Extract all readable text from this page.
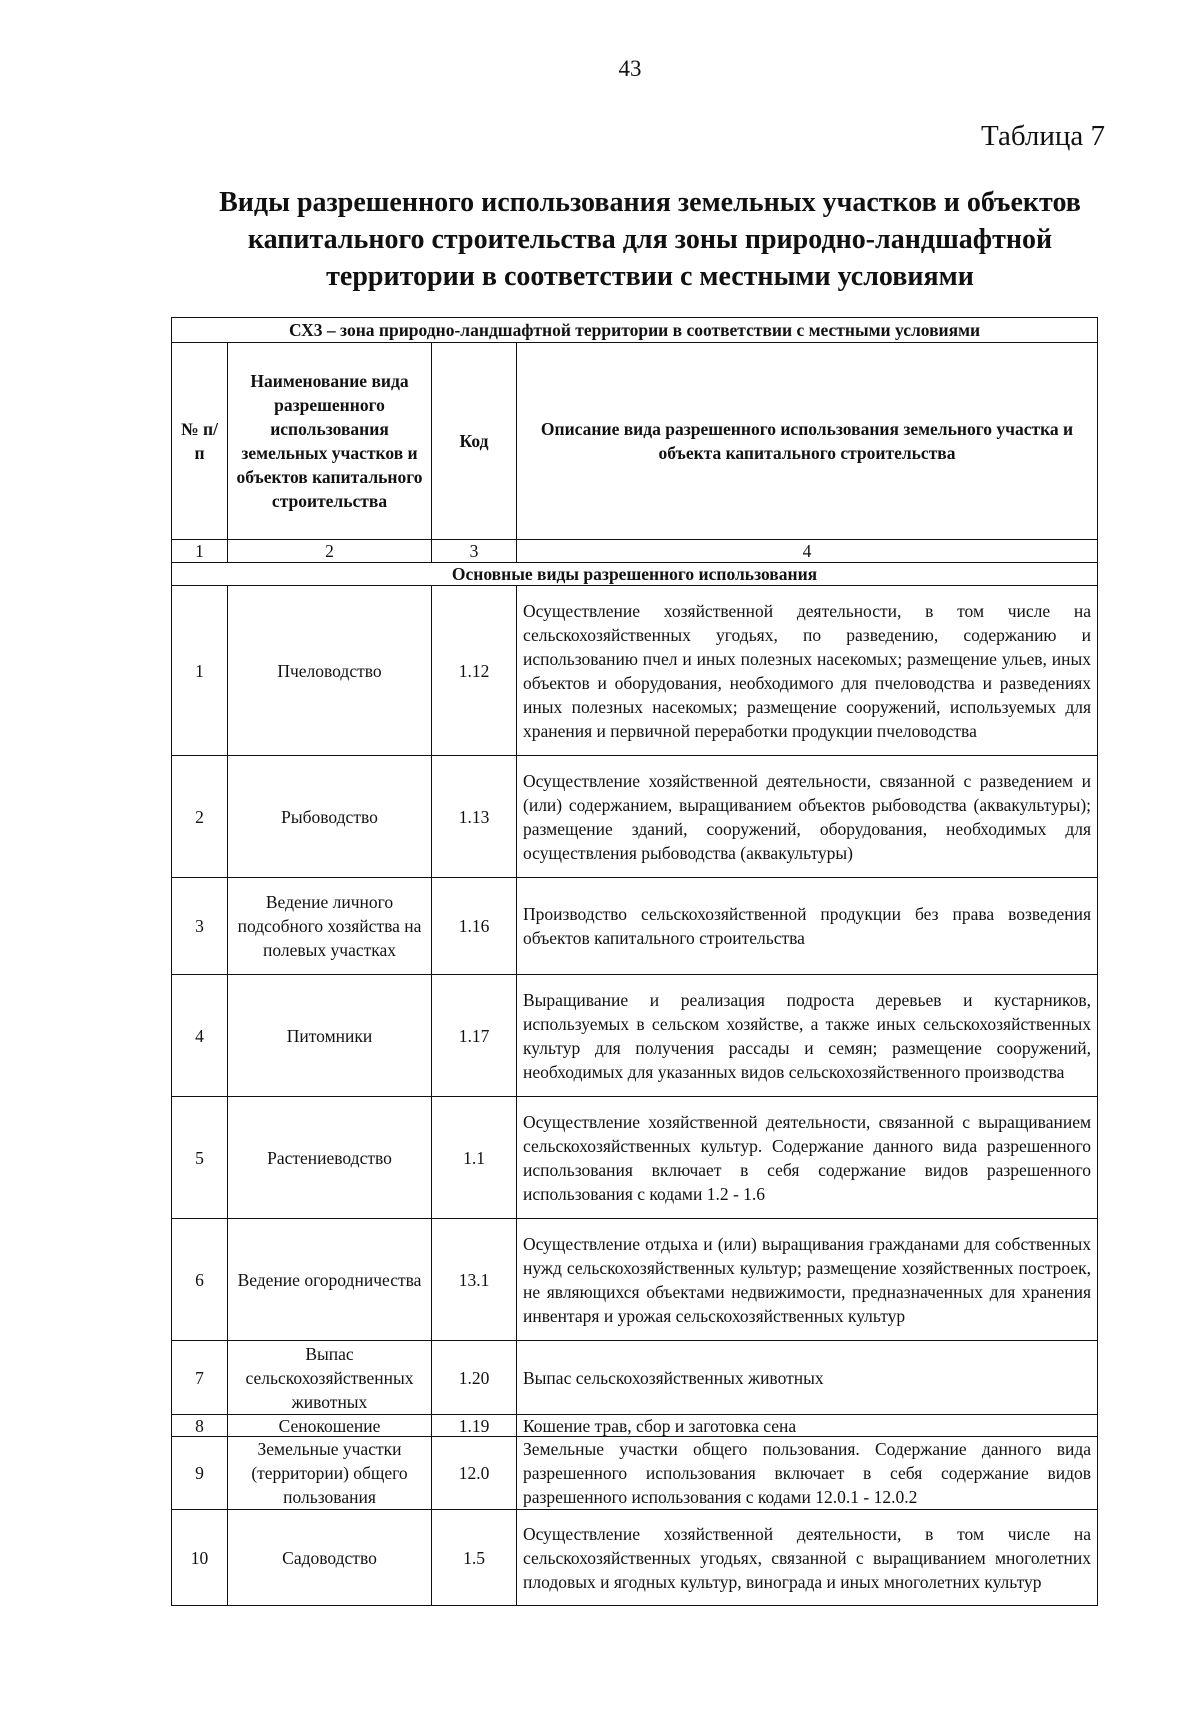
43
Таблица 7
Виды разрешенного использования земельных участков и объектов
капитального строительства для зоны природно-ландшафтной
территории в соответствии с местными условиями
СХ3 – зона природно-ландшафтной территории в соответствии с местными условиями			
№ п/п	Наименование вида разрешенного использования земельных участков и объектов капитального строительства	Код	Описание вида разрешенного использования земельного участка и объекта капитального строительства
1	2	3	4
Основные виды разрешенного использования			
1	Пчеловодство	1.12	Осуществление хозяйственной деятельности, в том числе на сельскохозяйственных угодьях, по разведению, содержанию и использованию пчел и иных полезных насекомых; размещение ульев, иных объектов и оборудования, необходимого для пчеловодства и разведениях иных полезных насекомых; размещение сооружений, используемых для хранения и первичной переработки продукции пчеловодства
2	Рыбоводство	1.13	Осуществление хозяйственной деятельности, связанной с разведением и (или) содержанием, выращиванием объектов рыбоводства (аквакультуры); размещение зданий, сооружений, оборудования, необходимых для осуществления рыбоводства (аквакультуры)
3	Ведение личного подсобного хозяйства на полевых участках	1.16	Производство сельскохозяйственной продукции без права возведения объектов капитального строительства
4	Питомники	1.17	Выращивание и реализация подроста деревьев и кустарников, используемых в сельском хозяйстве, а также иных сельскохозяйственных культур для получения рассады и семян; размещение сооружений, необходимых для указанных видов сельскохозяйственного производства
5	Растениеводство	1.1	Осуществление хозяйственной деятельности, связанной с выращиванием сельскохозяйственных культур. Содержание данного вида разрешенного использования включает в себя содержание видов разрешенного использования с кодами 1.2 - 1.6
6	Ведение огородничества	13.1	Осуществление отдыха и (или) выращивания гражданами для собственных нужд сельскохозяйственных культур; размещение хозяйственных построек, не являющихся объектами недвижимости, предназначенных для хранения инвентаря и урожая сельскохозяйственных культур
7	Выпас сельскохозяйственных животных	1.20	Выпас сельскохозяйственных животных
8	Сенокошение	1.19	Кошение трав, сбор и заготовка сена
9	Земельные участки (территории) общего пользования	12.0	Земельные участки общего пользования. Содержание данного вида разрешенного использования включает в себя содержание видов разрешенного использования с кодами 12.0.1 - 12.0.2
10	Садоводство	1.5	Осуществление хозяйственной деятельности, в том числе на сельскохозяйственных угодьях, связанной с выращиванием многолетних плодовых и ягодных культур, винограда и иных многолетних культур
